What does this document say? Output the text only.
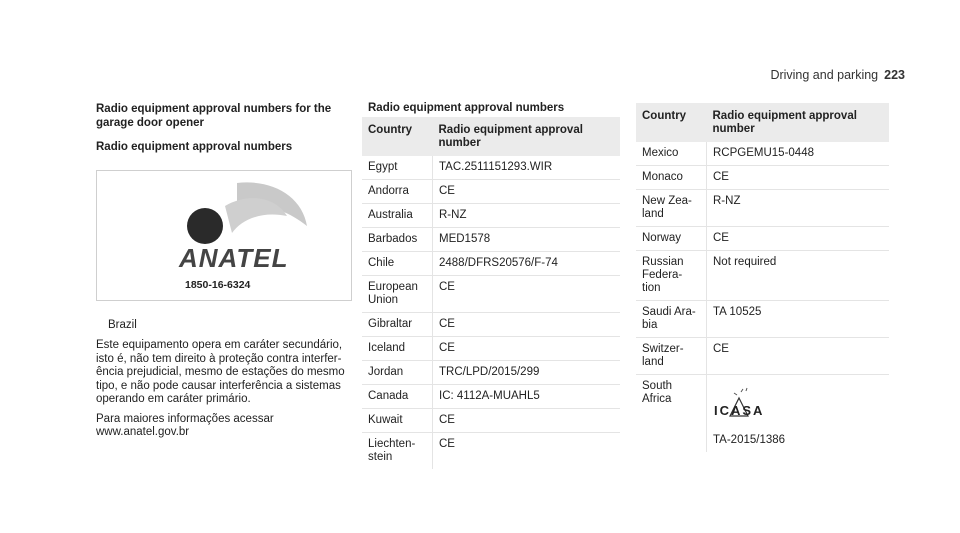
Driving and parking 223

Radio equipment approval numbers for the garage door opener

Radio equipment approval numbers

ANATEL
1850-16-6324
Brazil
Este equipamento opera em caráter secundário, isto é, não tem direito à proteção contra interfer-ência prejudicial, mesmo de estações do mesmo tipo, e não pode causar interferência a sistemas operando em caráter primário.
Para maiores informações acessar www.anatel.gov.br
Radio equipment approval numbers
Country	Radio equipment approval number
Egypt	TAC.2511151293.WIR
Andorra	CE
Australia	R-NZ
Barbados	MED1578
Chile	2488/DFRS20576/F-74
European Union	CE
Gibraltar	CE
Iceland	CE
Jordan	TRC/LPD/2015/299
Canada	IC: 4112A-MUAHL5
Kuwait	CE
Liechten-stein	CE
Country	Radio equipment approval number
Mexico	RCPGEMU15-0448
Monaco	CE
New Zea-land	R-NZ
Norway	CE
Russian Federa-tion	Not required
Saudi Ara-bia	TA 10525
Switzer-land	CE
South Africa	ICASA
TA-2015/1386
